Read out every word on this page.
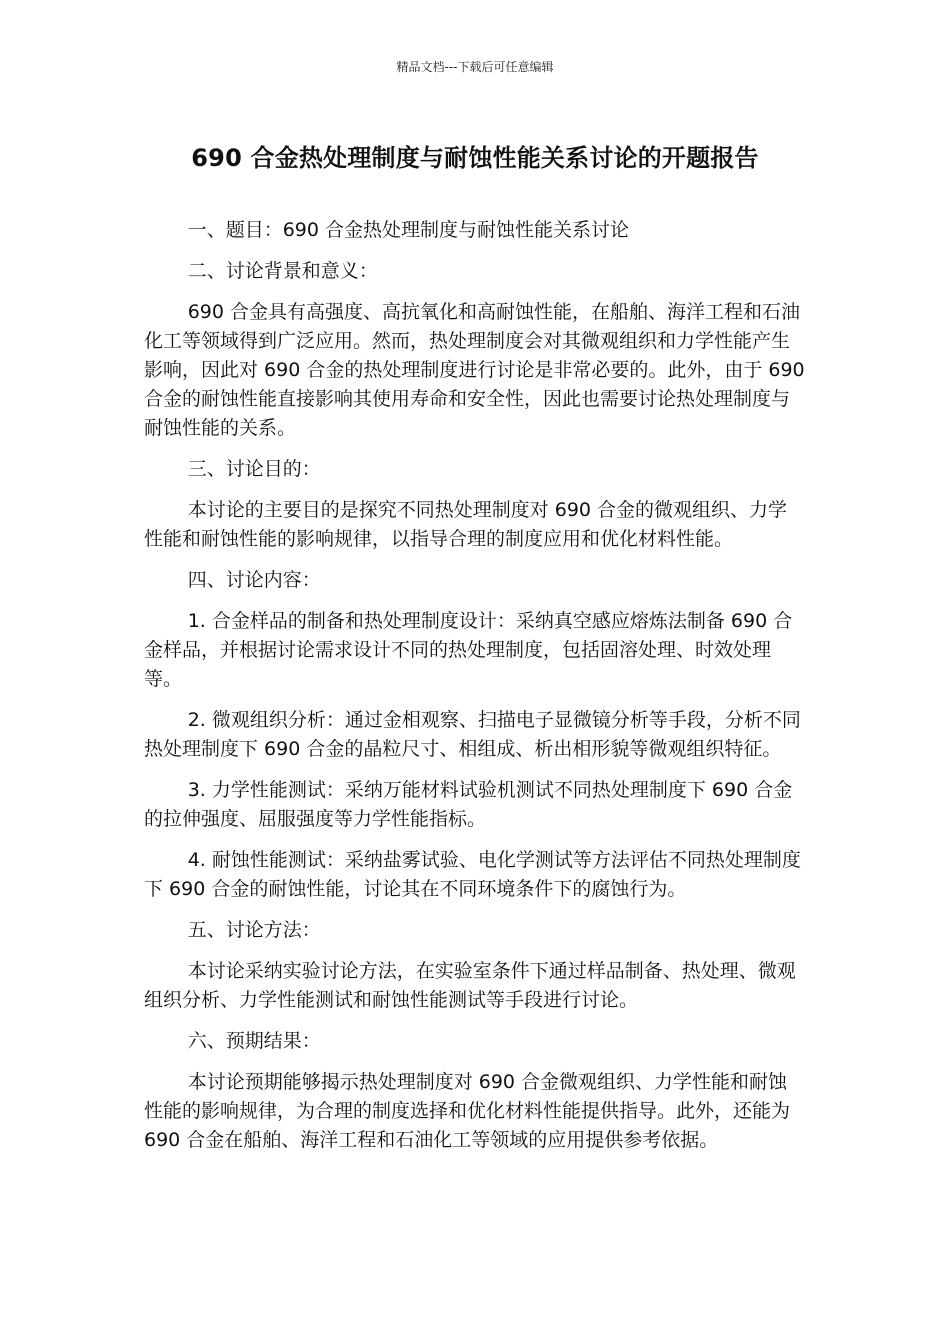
精品文档---下载后可任意编辑
690 合金热处理制度与耐蚀性能关系讨论的开题报告

一、题目：690 合金热处理制度与耐蚀性能关系讨论

二、讨论背景和意义：

690 合金具有高强度、高抗氧化和高耐蚀性能，在船舶、海洋工程和石油化工等领域得到广泛应用。然而，热处理制度会对其微观组织和力学性能产生影响，因此对 690 合金的热处理制度进行讨论是非常必要的。此外，由于 690 合金的耐蚀性能直接影响其使用寿命和安全性，因此也需要讨论热处理制度与耐蚀性能的关系。

三、讨论目的：

本讨论的主要目的是探究不同热处理制度对 690 合金的微观组织、力学性能和耐蚀性能的影响规律，以指导合理的制度应用和优化材料性能。

四、讨论内容：

1. 合金样品的制备和热处理制度设计：采纳真空感应熔炼法制备 690 合金样品，并根据讨论需求设计不同的热处理制度，包括固溶处理、时效处理等。

2. 微观组织分析：通过金相观察、扫描电子显微镜分析等手段，分析不同热处理制度下 690 合金的晶粒尺寸、相组成、析出相形貌等微观组织特征。

3. 力学性能测试：采纳万能材料试验机测试不同热处理制度下 690 合金的拉伸强度、屈服强度等力学性能指标。

4. 耐蚀性能测试：采纳盐雾试验、电化学测试等方法评估不同热处理制度下 690 合金的耐蚀性能，讨论其在不同环境条件下的腐蚀行为。

五、讨论方法：

本讨论采纳实验讨论方法，在实验室条件下通过样品制备、热处理、微观组织分析、力学性能测试和耐蚀性能测试等手段进行讨论。

六、预期结果：

本讨论预期能够揭示热处理制度对 690 合金微观组织、力学性能和耐蚀性能的影响规律，为合理的制度选择和优化材料性能提供指导。此外，还能为 690 合金在船舶、海洋工程和石油化工等领域的应用提供参考依据。
